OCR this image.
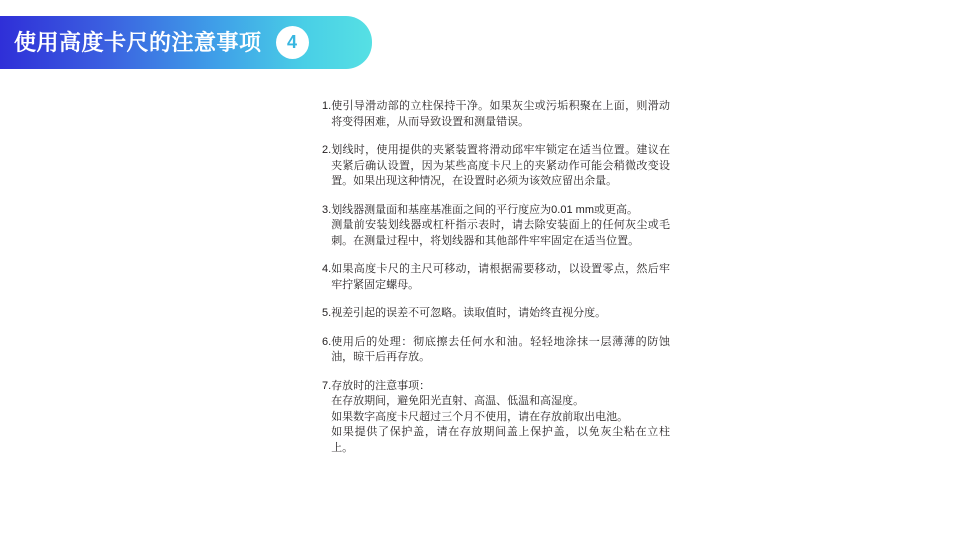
使用高度卡尺的注意事项	4
1. 使引导滑动部的立柱保持干净。如果灰尘或污垢积聚在上面，则滑动将变得困难，从而导致设置和测量错误。

2. 划线时，使用提供的夹紧装置将滑动邱牢牢锁定在适当位置。建议在夹紧后确认设置，因为某些高度卡尺上的夹紧动作可能会稍微改变设置。如果出现这种情况，在设置时必须为该效应留出余量。

3. 划线器测量面和基座基准面之间的平行度应为0.01 mm或更高。

测量前安装划线器或杠杆指示表时，请去除安装面上的任何灰尘或毛刺。在测量过程中，将划线器和其他部件牢牢固定在适当位置。

4. 如果高度卡尺的主尺可移动，请根据需要移动，以设置零点，然后牢牢拧紧固定螺母。

5. 视差引起的误差不可忽略。读取值时，请始终直视分度。

6. 使用后的处理：彻底擦去任何水和油。轻轻地涂抹一层薄薄的防蚀油，晾干后再存放。

7. 存放时的注意事项：

在存放期间，避免阳光直射、高温、低温和高湿度。

如果数字高度卡尺超过三个月不使用，请在存放前取出电池。

如果提供了保护盖，请在存放期间盖上保护盖，以免灰尘粘在立柱上。
